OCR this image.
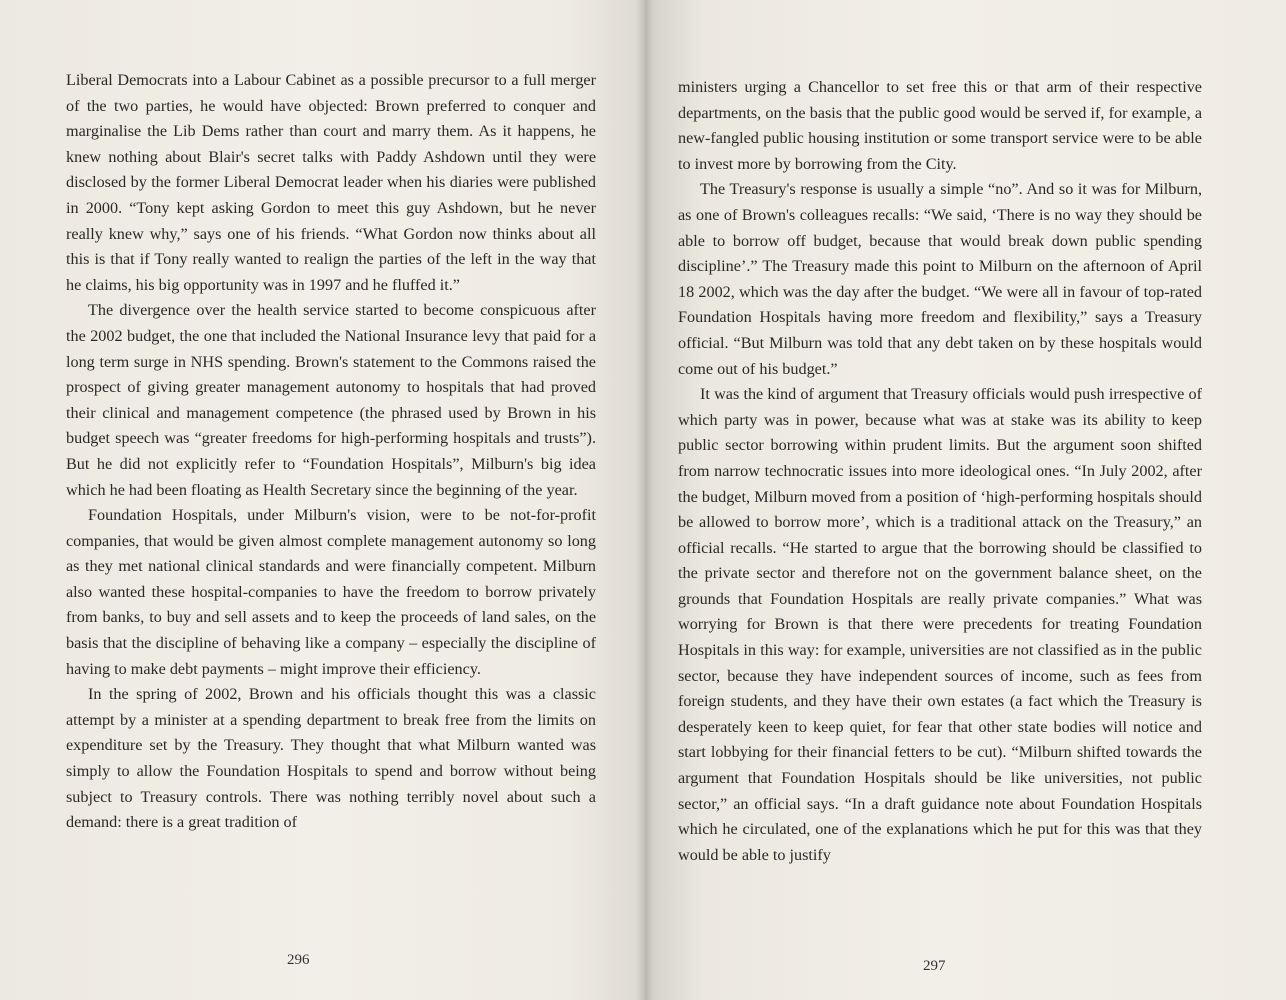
Liberal Democrats into a Labour Cabinet as a possible precursor to a full merger of the two parties, he would have objected: Brown preferred to conquer and marginalise the Lib Dems rather than court and marry them. As it happens, he knew nothing about Blair's secret talks with Paddy Ashdown until they were disclosed by the former Liberal Democrat leader when his diaries were published in 2000. “Tony kept asking Gordon to meet this guy Ashdown, but he never really knew why,” says one of his friends. “What Gordon now thinks about all this is that if Tony really wanted to realign the parties of the left in the way that he claims, his big opportunity was in 1997 and he fluffed it.”

The divergence over the health service started to become conspicuous after the 2002 budget, the one that included the National Insurance levy that paid for a long term surge in NHS spending. Brown's statement to the Commons raised the prospect of giving greater management autonomy to hospitals that had proved their clinical and management competence (the phrased used by Brown in his budget speech was “greater freedoms for high-performing hospitals and trusts”). But he did not explicitly refer to “Foundation Hospitals”, Milburn's big idea which he had been floating as Health Secretary since the beginning of the year.

Foundation Hospitals, under Milburn's vision, were to be not-for-profit companies, that would be given almost complete management autonomy so long as they met national clinical standards and were financially competent. Milburn also wanted these hospital-companies to have the freedom to borrow privately from banks, to buy and sell assets and to keep the proceeds of land sales, on the basis that the discipline of behaving like a company – especially the discipline of having to make debt payments – might improve their efficiency.

In the spring of 2002, Brown and his officials thought this was a classic attempt by a minister at a spending department to break free from the limits on expenditure set by the Treasury. They thought that what Milburn wanted was simply to allow the Foundation Hospitals to spend and borrow without being subject to Treasury controls. There was nothing terribly novel about such a demand: there is a great tradition of

296

ministers urging a Chancellor to set free this or that arm of their respective departments, on the basis that the public good would be served if, for example, a new-fangled public housing institution or some transport service were to be able to invest more by borrowing from the City.

The Treasury's response is usually a simple “no”. And so it was for Milburn, as one of Brown's colleagues recalls: “We said, ‘There is no way they should be able to borrow off budget, because that would break down public spending discipline’.” The Treasury made this point to Milburn on the afternoon of April 18 2002, which was the day after the budget. “We were all in favour of top-rated Foundation Hospitals having more freedom and flexibility,” says a Treasury official. “But Milburn was told that any debt taken on by these hospitals would come out of his budget.”

It was the kind of argument that Treasury officials would push irrespective of which party was in power, because what was at stake was its ability to keep public sector borrowing within prudent limits. But the argument soon shifted from narrow technocratic issues into more ideological ones. “In July 2002, after the budget, Milburn moved from a position of ‘high-performing hospitals should be allowed to borrow more’, which is a traditional attack on the Treasury,” an official recalls. “He started to argue that the borrowing should be classified to the private sector and therefore not on the government balance sheet, on the grounds that Foundation Hospitals are really private companies.” What was worrying for Brown is that there were precedents for treating Foundation Hospitals in this way: for example, universities are not classified as in the public sector, because they have independent sources of income, such as fees from foreign students, and they have their own estates (a fact which the Treasury is desperately keen to keep quiet, for fear that other state bodies will notice and start lobbying for their financial fetters to be cut). “Milburn shifted towards the argument that Foundation Hospitals should be like universities, not public sector,” an official says. “In a draft guidance note about Foundation Hospitals which he circulated, one of the explanations which he put for this was that they would be able to justify

297
